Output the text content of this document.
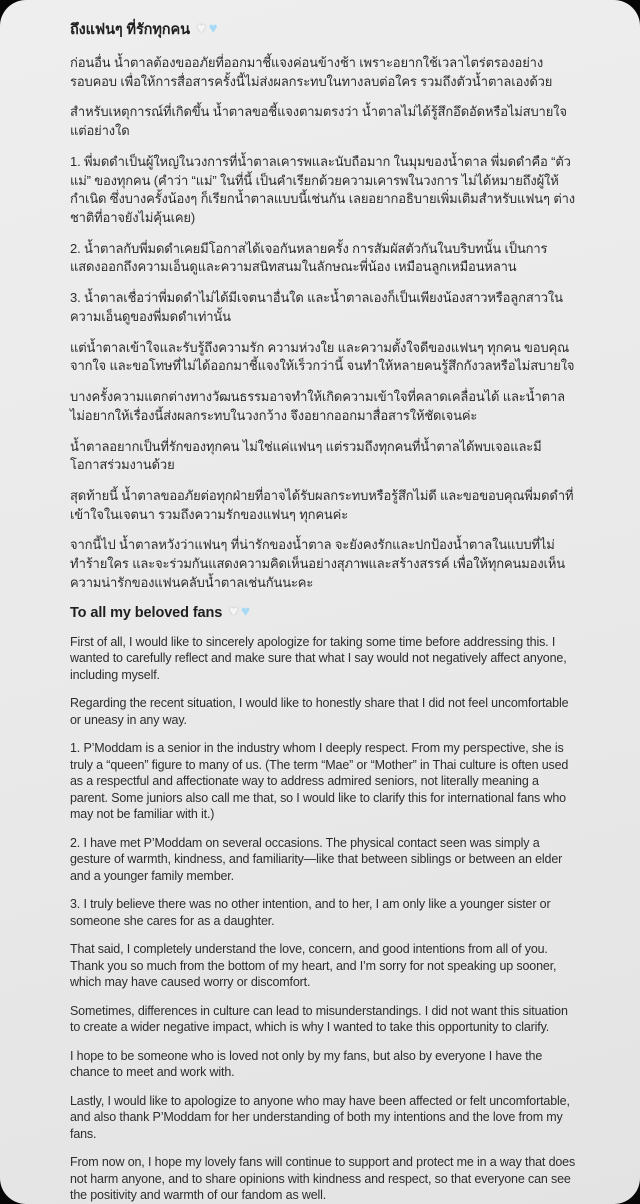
ถึงแฟนๆ ที่รักทุกคน ♥ ♥

ก่อนอื่น น้ำตาลต้องขออภัยที่ออกมาชี้แจงค่อนข้างช้า เพราะอยากใช้เวลาไตร่ตรองอย่างรอบคอบ เพื่อให้การสื่อสารครั้งนี้ไม่ส่งผลกระทบในทางลบต่อใคร รวมถึงตัวน้ำตาลเองด้วย

สำหรับเหตุการณ์ที่เกิดขึ้น น้ำตาลขอชี้แจงตามตรงว่า น้ำตาลไม่ได้รู้สึกอึดอัดหรือไม่สบายใจแต่อย่างใด

1. พี่มดดำเป็นผู้ใหญ่ในวงการที่น้ำตาลเคารพและนับถือมาก ในมุมของน้ำตาล พี่มดดำคือ “ตัวแม่” ของทุกคน (คำว่า “แม่” ในที่นี้ เป็นคำเรียกด้วยความเคารพในวงการ ไม่ได้หมายถึงผู้ให้กำเนิด ซึ่งบางครั้งน้องๆ ก็เรียกน้ำตาลแบบนี้เช่นกัน เลยอยากอธิบายเพิ่มเติมสำหรับแฟนๆ ต่างชาติที่อาจยังไม่คุ้นเคย)

2. น้ำตาลกับพี่มดดำเคยมีโอกาสได้เจอกันหลายครั้ง การสัมผัสตัวกันในบริบทนั้น เป็นการแสดงออกถึงความเอ็นดูและความสนิทสนมในลักษณะพี่น้อง เหมือนลูกเหมือนหลาน

3. น้ำตาลเชื่อว่าพี่มดดำไม่ได้มีเจตนาอื่นใด และน้ำตาลเองก็เป็นเพียงน้องสาวหรือลูกสาวในความเอ็นดูของพี่มดดำเท่านั้น

แต่น้ำตาลเข้าใจและรับรู้ถึงความรัก ความห่วงใย และความตั้งใจดีของแฟนๆ ทุกคน ขอบคุณจากใจ และขอโทษที่ไม่ได้ออกมาชี้แจงให้เร็วกว่านี้ จนทำให้หลายคนรู้สึกกังวลหรือไม่สบายใจ

บางครั้งความแตกต่างทางวัฒนธรรมอาจทำให้เกิดความเข้าใจที่คลาดเคลื่อนได้ และน้ำตาลไม่อยากให้เรื่องนี้ส่งผลกระทบในวงกว้าง จึงอยากออกมาสื่อสารให้ชัดเจนค่ะ

น้ำตาลอยากเป็นที่รักของทุกคน ไม่ใช่แค่แฟนๆ แต่รวมถึงทุกคนที่น้ำตาลได้พบเจอและมีโอกาสร่วมงานด้วย

สุดท้ายนี้ น้ำตาลขออภัยต่อทุกฝ่ายที่อาจได้รับผลกระทบหรือรู้สึกไม่ดี และขอขอบคุณพี่มดดำที่เข้าใจในเจตนา รวมถึงความรักของแฟนๆ ทุกคนค่ะ

จากนี้ไป น้ำตาลหวังว่าแฟนๆ ที่น่ารักของน้ำตาล จะยังคงรักและปกป้องน้ำตาลในแบบที่ไม่ทำร้ายใคร และจะร่วมกันแสดงความคิดเห็นอย่างสุภาพและสร้างสรรค์ เพื่อให้ทุกคนมองเห็นความน่ารักของแฟนคลับน้ำตาลเช่นกันนะคะ

To all my beloved fans ♥ ♥

First of all, I would like to sincerely apologize for taking some time before addressing this. I wanted to carefully reflect and make sure that what I say would not negatively affect anyone, including myself.

Regarding the recent situation, I would like to honestly share that I did not feel uncomfortable or uneasy in any way.

1. P’Moddam is a senior in the industry whom I deeply respect. From my perspective, she is truly a “queen” figure to many of us. (The term “Mae” or “Mother” in Thai culture is often used as a respectful and affectionate way to address admired seniors, not literally meaning a parent. Some juniors also call me that, so I would like to clarify this for international fans who may not be familiar with it.)

2. I have met P’Moddam on several occasions. The physical contact seen was simply a gesture of warmth, kindness, and familiarity—like that between siblings or between an elder and a younger family member.

3. I truly believe there was no other intention, and to her, I am only like a younger sister or someone she cares for as a daughter.

That said, I completely understand the love, concern, and good intentions from all of you. Thank you so much from the bottom of my heart, and I’m sorry for not speaking up sooner, which may have caused worry or discomfort.

Sometimes, differences in culture can lead to misunderstandings. I did not want this situation to create a wider negative impact, which is why I wanted to take this opportunity to clarify.

I hope to be someone who is loved not only by my fans, but also by everyone I have the chance to meet and work with.

Lastly, I would like to apologize to anyone who may have been affected or felt uncomfortable, and also thank P’Moddam for her understanding of both my intentions and the love from my fans.

From now on, I hope my lovely fans will continue to support and protect me in a way that does not harm anyone, and to share opinions with kindness and respect, so that everyone can see the positivity and warmth of our fandom as well.
